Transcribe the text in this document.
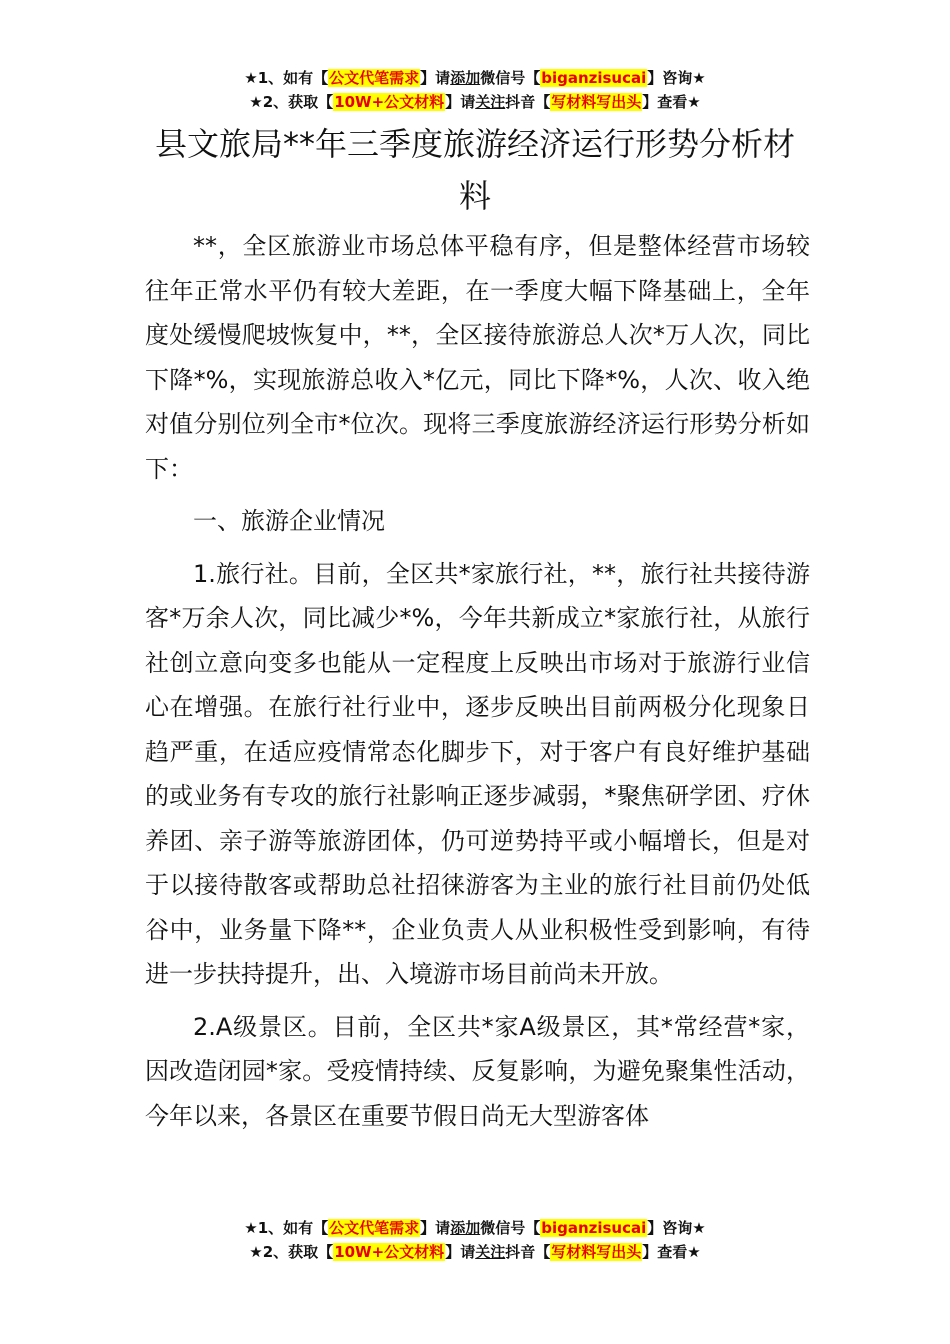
★1、如有【公文代笔需求】请添加微信号【biganzisucai】咨询★
★2、获取【10W+公文材料】请关注抖音【写材料写出头】查看★
县文旅局**年三季度旅游经济运行形势分析材料

**，全区旅游业市场总体平稳有序，但是整体经营市场较往年正常水平仍有较大差距，在一季度大幅下降基础上，全年度处缓慢爬坡恢复中，**，全区接待旅游总人次*万人次，同比下降*%，实现旅游总收入*亿元，同比下降*%，人次、收入绝对值分别位列全市*位次。现将三季度旅游经济运行形势分析如下：

一、旅游企业情况

1.旅行社。目前，全区共*家旅行社，**，旅行社共接待游客*万余人次，同比减少*%，今年共新成立*家旅行社，从旅行社创立意向变多也能从一定程度上反映出市场对于旅游行业信心在增强。在旅行社行业中，逐步反映出目前两极分化现象日趋严重，在适应疫情常态化脚步下，对于客户有良好维护基础的或业务有专攻的旅行社影响正逐步减弱，*聚焦研学团、疗休养团、亲子游等旅游团体，仍可逆势持平或小幅增长，但是对于以接待散客或帮助总社招徕游客为主业的旅行社目前仍处低谷中，业务量下降**，企业负责人从业积极性受到影响，有待进一步扶持提升，出、入境游市场目前尚未开放。

2.A级景区。目前，全区共*家A级景区，其*常经营*家，因改造闭园*家。受疫情持续、反复影响，为避免聚集性活动，今年以来，各景区在重要节假日尚无大型游客体

★1、如有【公文代笔需求】请添加微信号【biganzisucai】咨询★
★2、获取【10W+公文材料】请关注抖音【写材料写出头】查看★
